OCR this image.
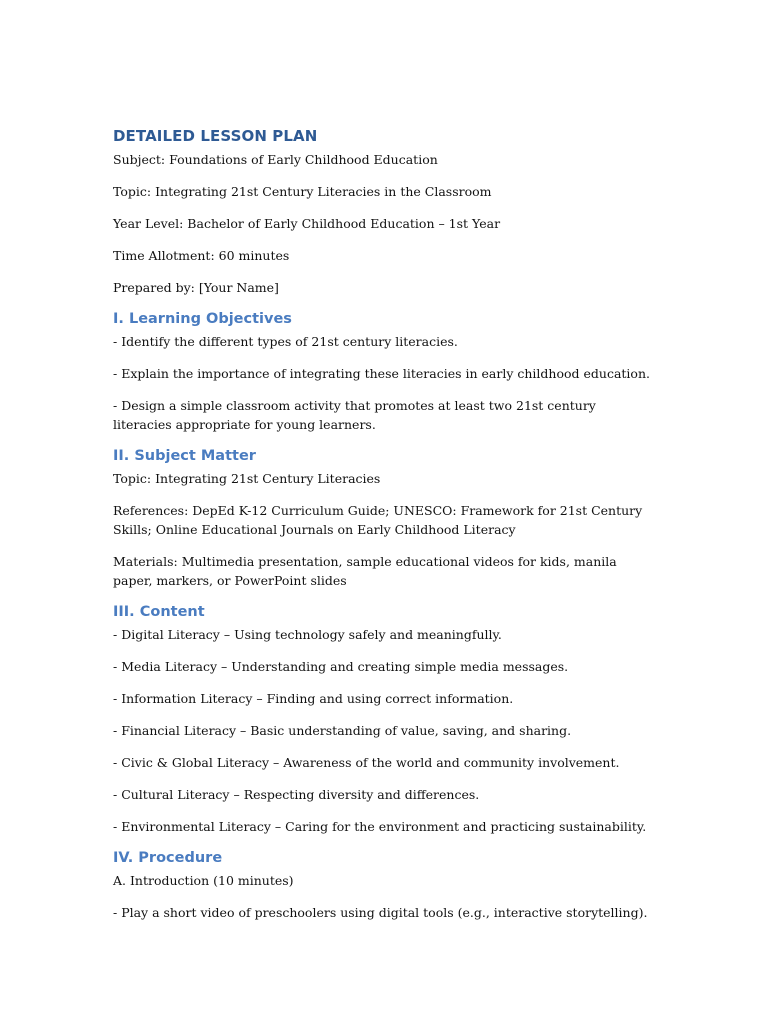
DETAILED LESSON PLAN

Subject: Foundations of Early Childhood Education

Topic: Integrating 21st Century Literacies in the Classroom

Year Level: Bachelor of Early Childhood Education – 1st Year

Time Allotment: 60 minutes

Prepared by: [Your Name]

I. Learning Objectives

- Identify the different types of 21st century literacies.

- Explain the importance of integrating these literacies in early childhood education.

- Design a simple classroom activity that promotes at least two 21st century literacies appropriate for young learners.

II. Subject Matter

Topic: Integrating 21st Century Literacies

References: DepEd K-12 Curriculum Guide; UNESCO: Framework for 21st Century Skills; Online Educational Journals on Early Childhood Literacy

Materials: Multimedia presentation, sample educational videos for kids, manila paper, markers, or PowerPoint slides

III. Content

- Digital Literacy – Using technology safely and meaningfully.

- Media Literacy – Understanding and creating simple media messages.

- Information Literacy – Finding and using correct information.

- Financial Literacy – Basic understanding of value, saving, and sharing.

- Civic & Global Literacy – Awareness of the world and community involvement.

- Cultural Literacy – Respecting diversity and differences.

- Environmental Literacy – Caring for the environment and practicing sustainability.

IV. Procedure

A. Introduction (10 minutes)

- Play a short video of preschoolers using digital tools (e.g., interactive storytelling).
